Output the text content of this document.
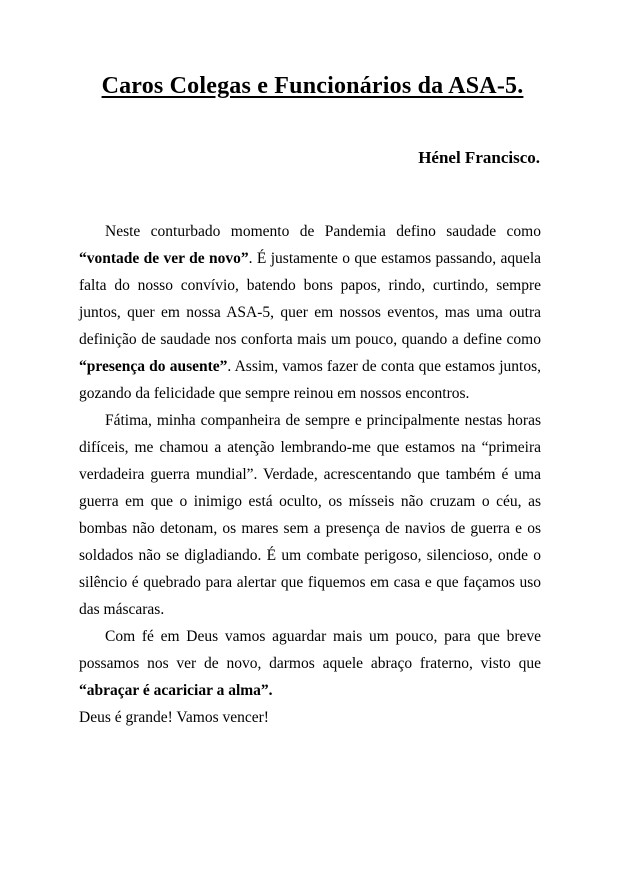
Caros Colegas e Funcionários da ASA-5.
Hénel Francisco.

Neste conturbado momento de Pandemia defino saudade como “vontade de ver de novo”. É justamente o que estamos passando, aquela falta do nosso convívio, batendo bons papos, rindo, curtindo, sempre juntos, quer em nossa ASA-5, quer em nossos eventos, mas uma outra definição de saudade nos conforta mais um pouco, quando a define como “presença do ausente”. Assim, vamos fazer de conta que estamos juntos, gozando da felicidade que sempre reinou em nossos encontros.

Fátima, minha companheira de sempre e principalmente nestas horas difíceis, me chamou a atenção lembrando-me que estamos na “primeira verdadeira guerra mundial”. Verdade, acrescentando que também é uma guerra em que o inimigo está oculto, os mísseis não cruzam o céu, as bombas não detonam, os mares sem a presença de navios de guerra e os soldados não se digladiando. É um combate perigoso, silencioso, onde o silêncio é quebrado para alertar que fiquemos em casa e que façamos uso das máscaras.

Com fé em Deus vamos aguardar mais um pouco, para que breve possamos nos ver de novo, darmos aquele abraço fraterno, visto que “abraçar é acariciar a alma”.

Deus é grande! Vamos vencer!
